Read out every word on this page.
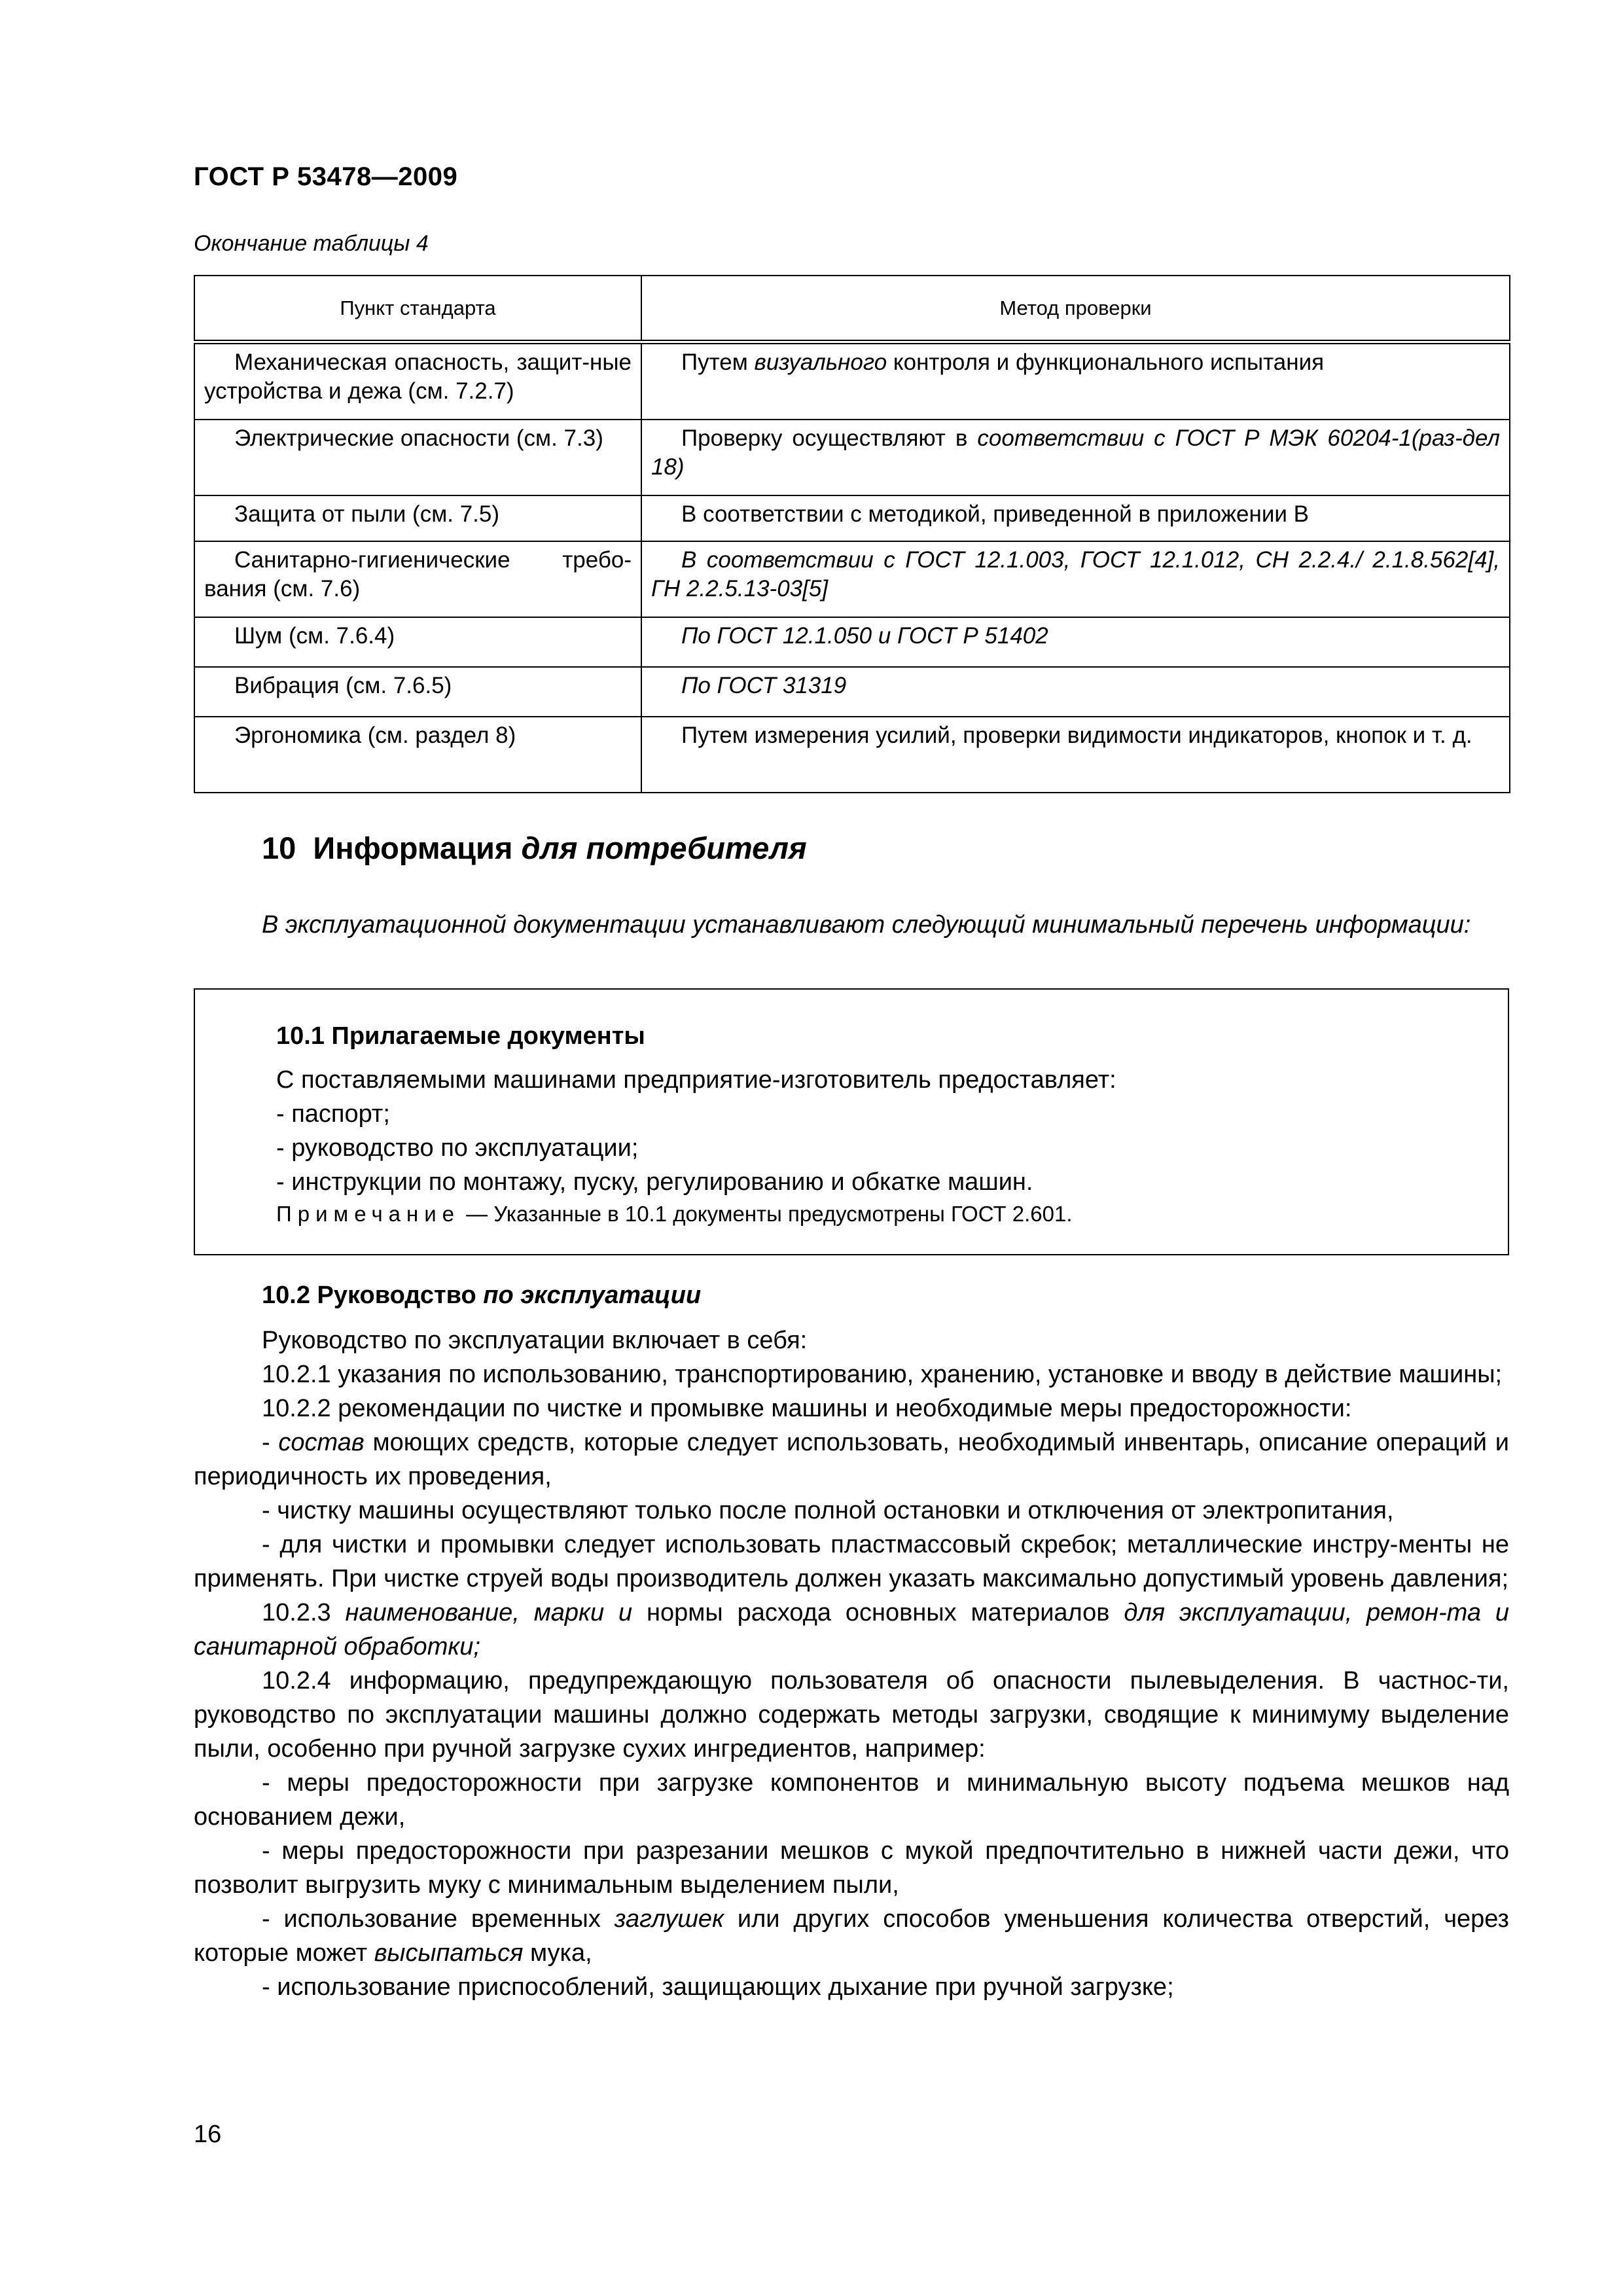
ГОСТ Р 53478—2009
Окончание таблицы 4
Пункт стандарта	Метод проверки
Механическая опасность, защит-ные устройства и дежа (см. 7.2.7)	Путем визуального контроля и функционального испытания
Электрические опасности (см. 7.3)	Проверку осуществляют в соответствии с ГОСТ Р МЭК 60204-1(раз-дел 18)
Защита от пыли (см. 7.5)	В соответствии с методикой, приведенной в приложении В
Санитарно-гигиенические требо-вания (см. 7.6)	В соответствии с ГОСТ 12.1.003, ГОСТ 12.1.012, СН 2.2.4./ 2.1.8.562[4], ГН 2.2.5.13-03[5]
Шум (см. 7.6.4)	По ГОСТ 12.1.050 и ГОСТ Р 51402
Вибрация (см. 7.6.5)	По ГОСТ 31319
Эргономика (см. раздел 8)	Путем измерения усилий, проверки видимости индикаторов, кнопок и т. д.
10 Информация для потребителя
В эксплуатационной документации устанавливают следующий минимальный перечень информации:
10.1 Прилагаемые документы
С поставляемыми машинами предприятие-изготовитель предоставляет:
- паспорт;
- руководство по эксплуатации;
- инструкции по монтажу, пуску, регулированию и обкатке машин.
Примечание — Указанные в 10.1 документы предусмотрены ГОСТ 2.601.
10.2 Руководство по эксплуатации

Руководство по эксплуатации включает в себя:

10.2.1 указания по использованию, транспортированию, хранению, установке и вводу в действие машины;

10.2.2 рекомендации по чистке и промывке машины и необходимые меры предосторожности:

- состав моющих средств, которые следует использовать, необходимый инвентарь, описание операций и периодичность их проведения,

- чистку машины осуществляют только после полной остановки и отключения от электропитания,

- для чистки и промывки следует использовать пластмассовый скребок; металлические инстру-менты не применять. При чистке струей воды производитель должен указать максимально допустимый уровень давления;

10.2.3 наименование, марки и нормы расхода основных материалов для эксплуатации, ремон-та и санитарной обработки;

10.2.4 информацию, предупреждающую пользователя об опасности пылевыделения. В частнос-ти, руководство по эксплуатации машины должно содержать методы загрузки, сводящие к минимуму выделение пыли, особенно при ручной загрузке сухих ингредиентов, например:

- меры предосторожности при загрузке компонентов и минимальную высоту подъема мешков над основанием дежи,

- меры предосторожности при разрезании мешков с мукой предпочтительно в нижней части дежи, что позволит выгрузить муку с минимальным выделением пыли,

- использование временных заглушек или других способов уменьшения количества отверстий, через которые может высыпаться мука,

- использование приспособлений, защищающих дыхание при ручной загрузке;

16
